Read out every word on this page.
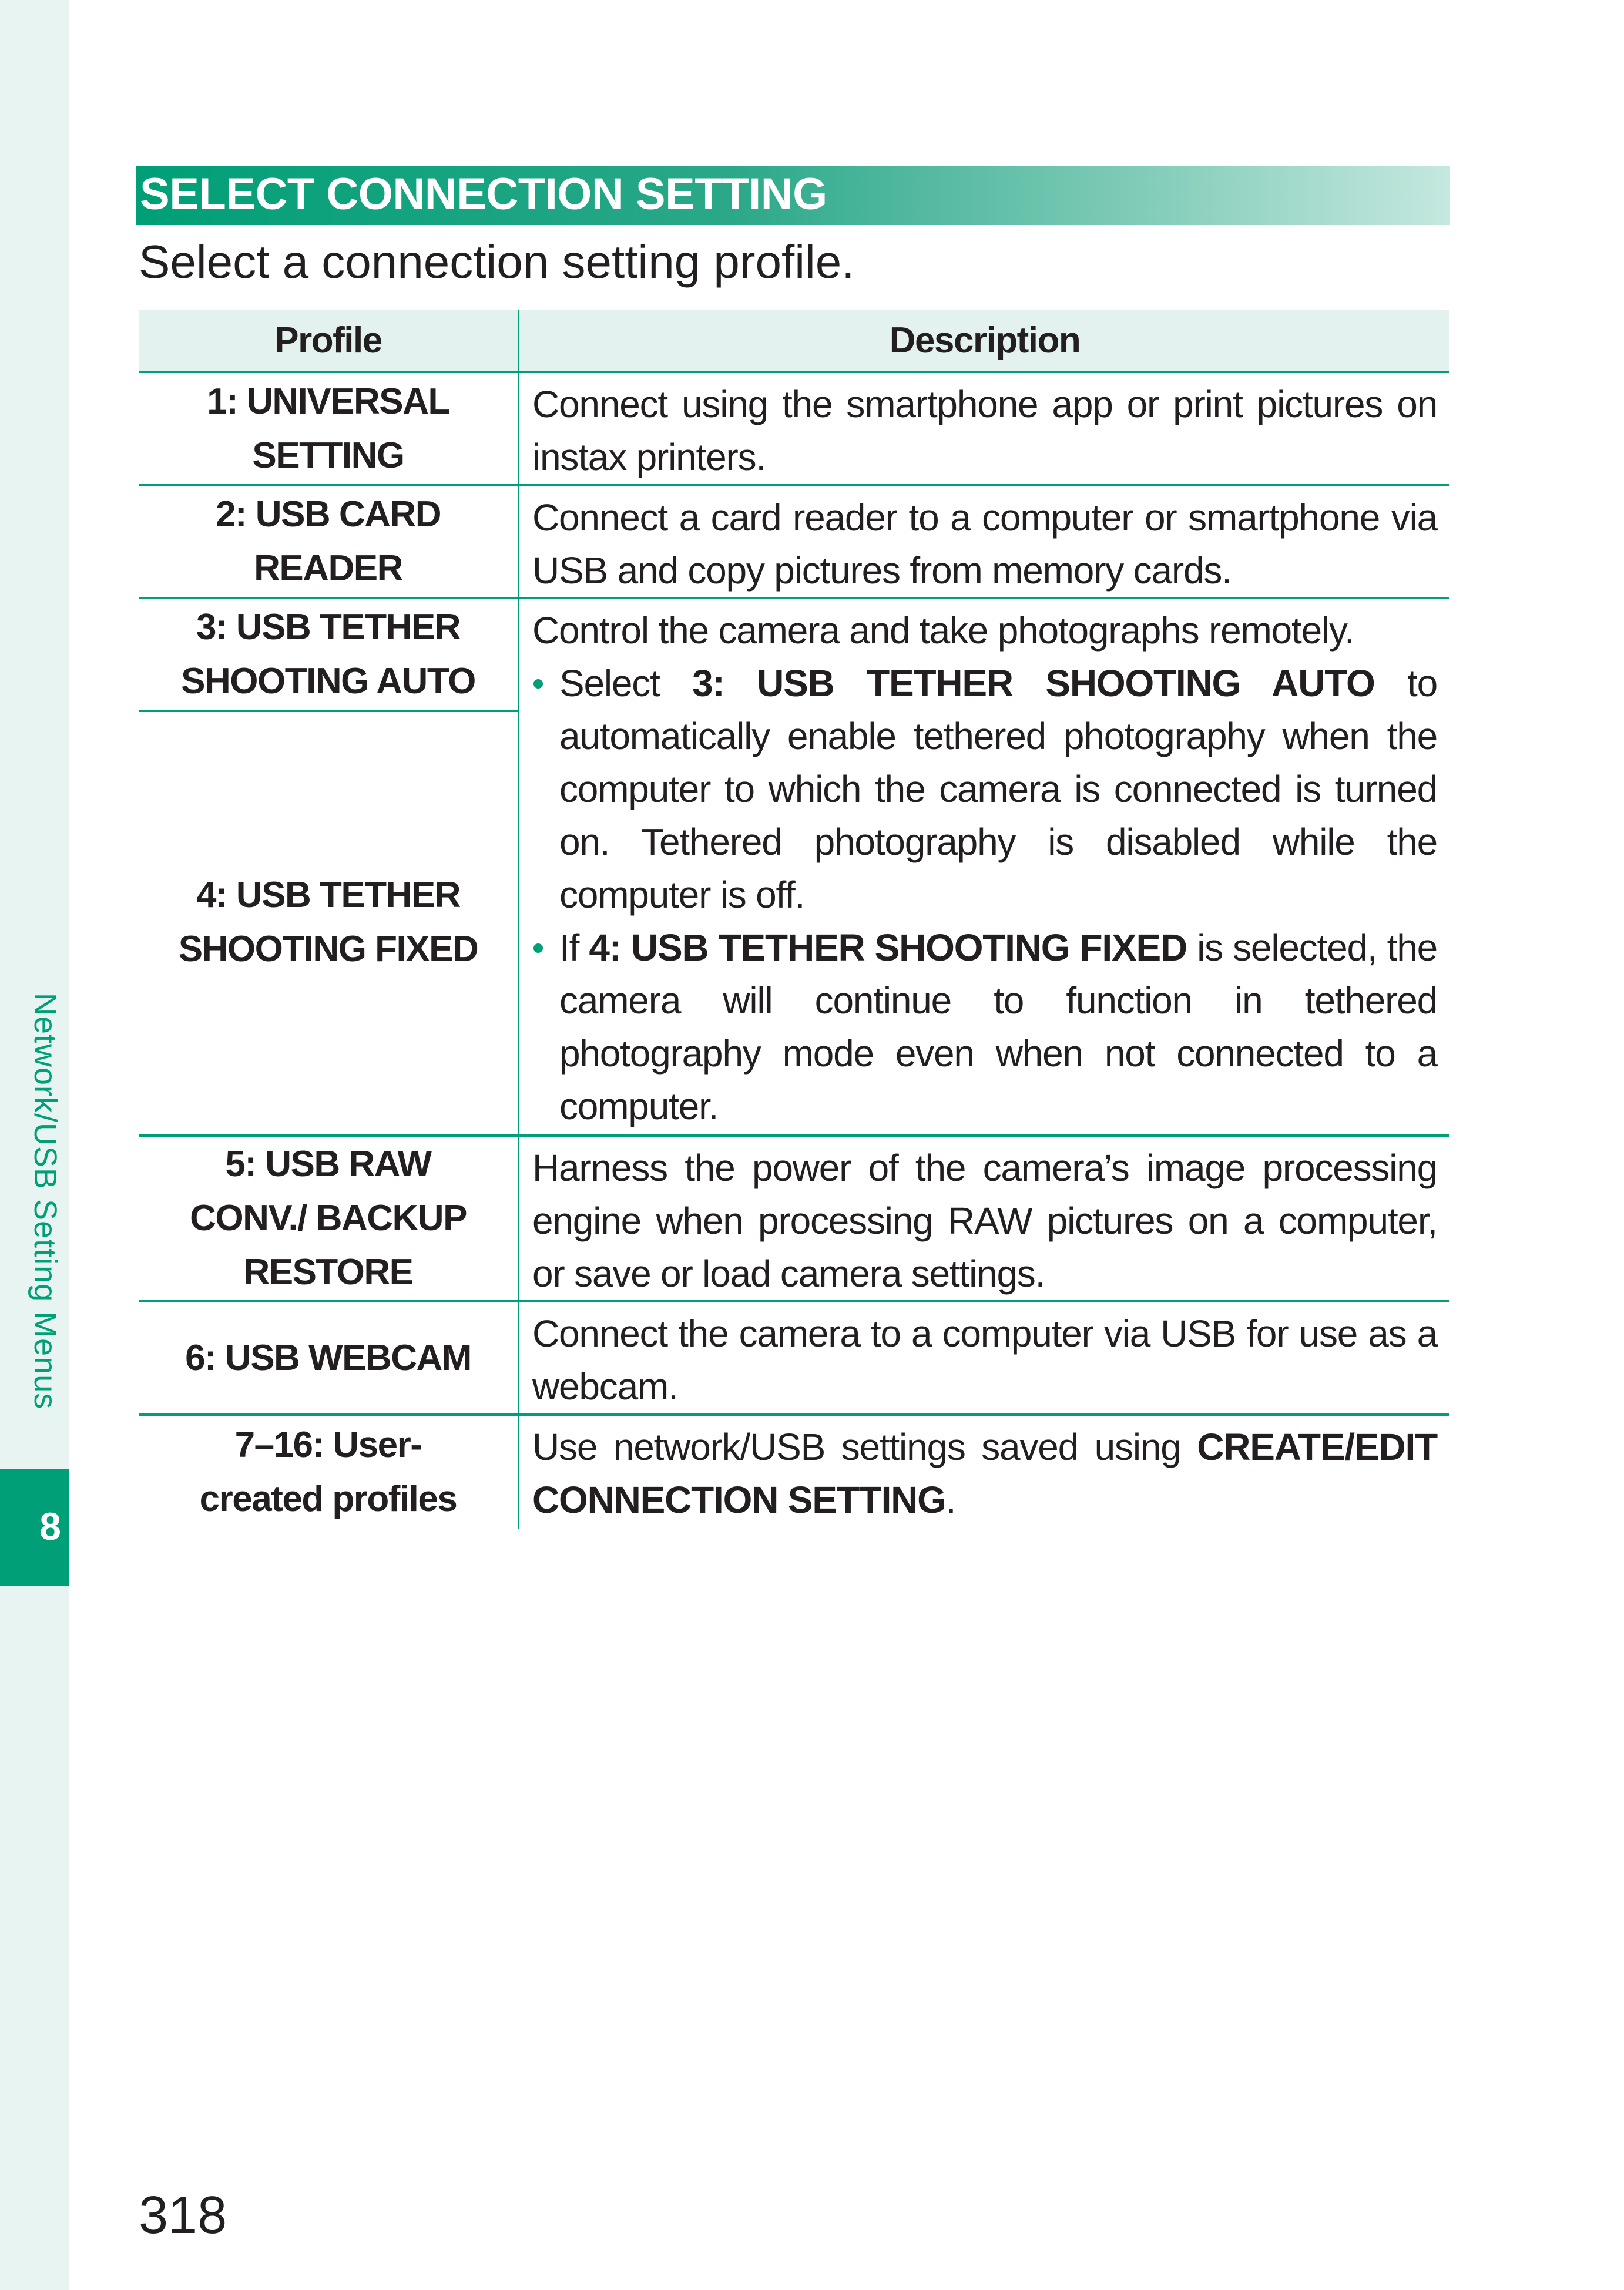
Network/USB Setting Menus
8
SELECT CONNECTION SETTING
Select a connection setting profile.
Profile	Description
1: UNIVERSAL SETTING
Connect using the smartphone app or print pictures on instax printers.
2: USB CARD READER
Connect a card reader to a computer or smartphone via USB and copy pictures from memory cards.
3: USB TETHER SHOOTING AUTO
4: USB TETHER SHOOTING FIXED
Control the camera and take photographs remotely.
Select 3: USB TETHER SHOOTING AUTO to automatically enable tethered photography when the computer to which the camera is connected is turned on. Tethered photography is disabled while the computer is off.
If 4: USB TETHER SHOOTING FIXED is selected, the camera will continue to function in tethered photography mode even when not connected to a computer.
5: USB RAW CONV./ BACKUP RESTORE
Harness the power of the camera’s image processing engine when processing RAW pictures on a computer, or save or load camera settings.
6: USB WEBCAM
Connect the camera to a computer via USB for use as a webcam.
7–16: User-created profiles
Use network/USB settings saved using CREATE/EDIT CONNECTION SETTING.
318
